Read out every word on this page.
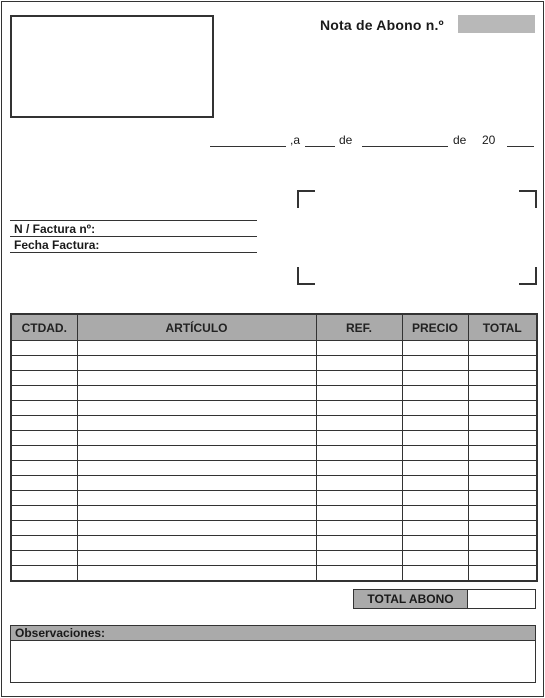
Nota de Abono n.º
,a	de	de 20
N / Factura nº:
Fecha Factura:
CTDAD.	ARTÍCULO	REF.	PRECIO	TOTAL

TOTAL ABONO
Observaciones:
